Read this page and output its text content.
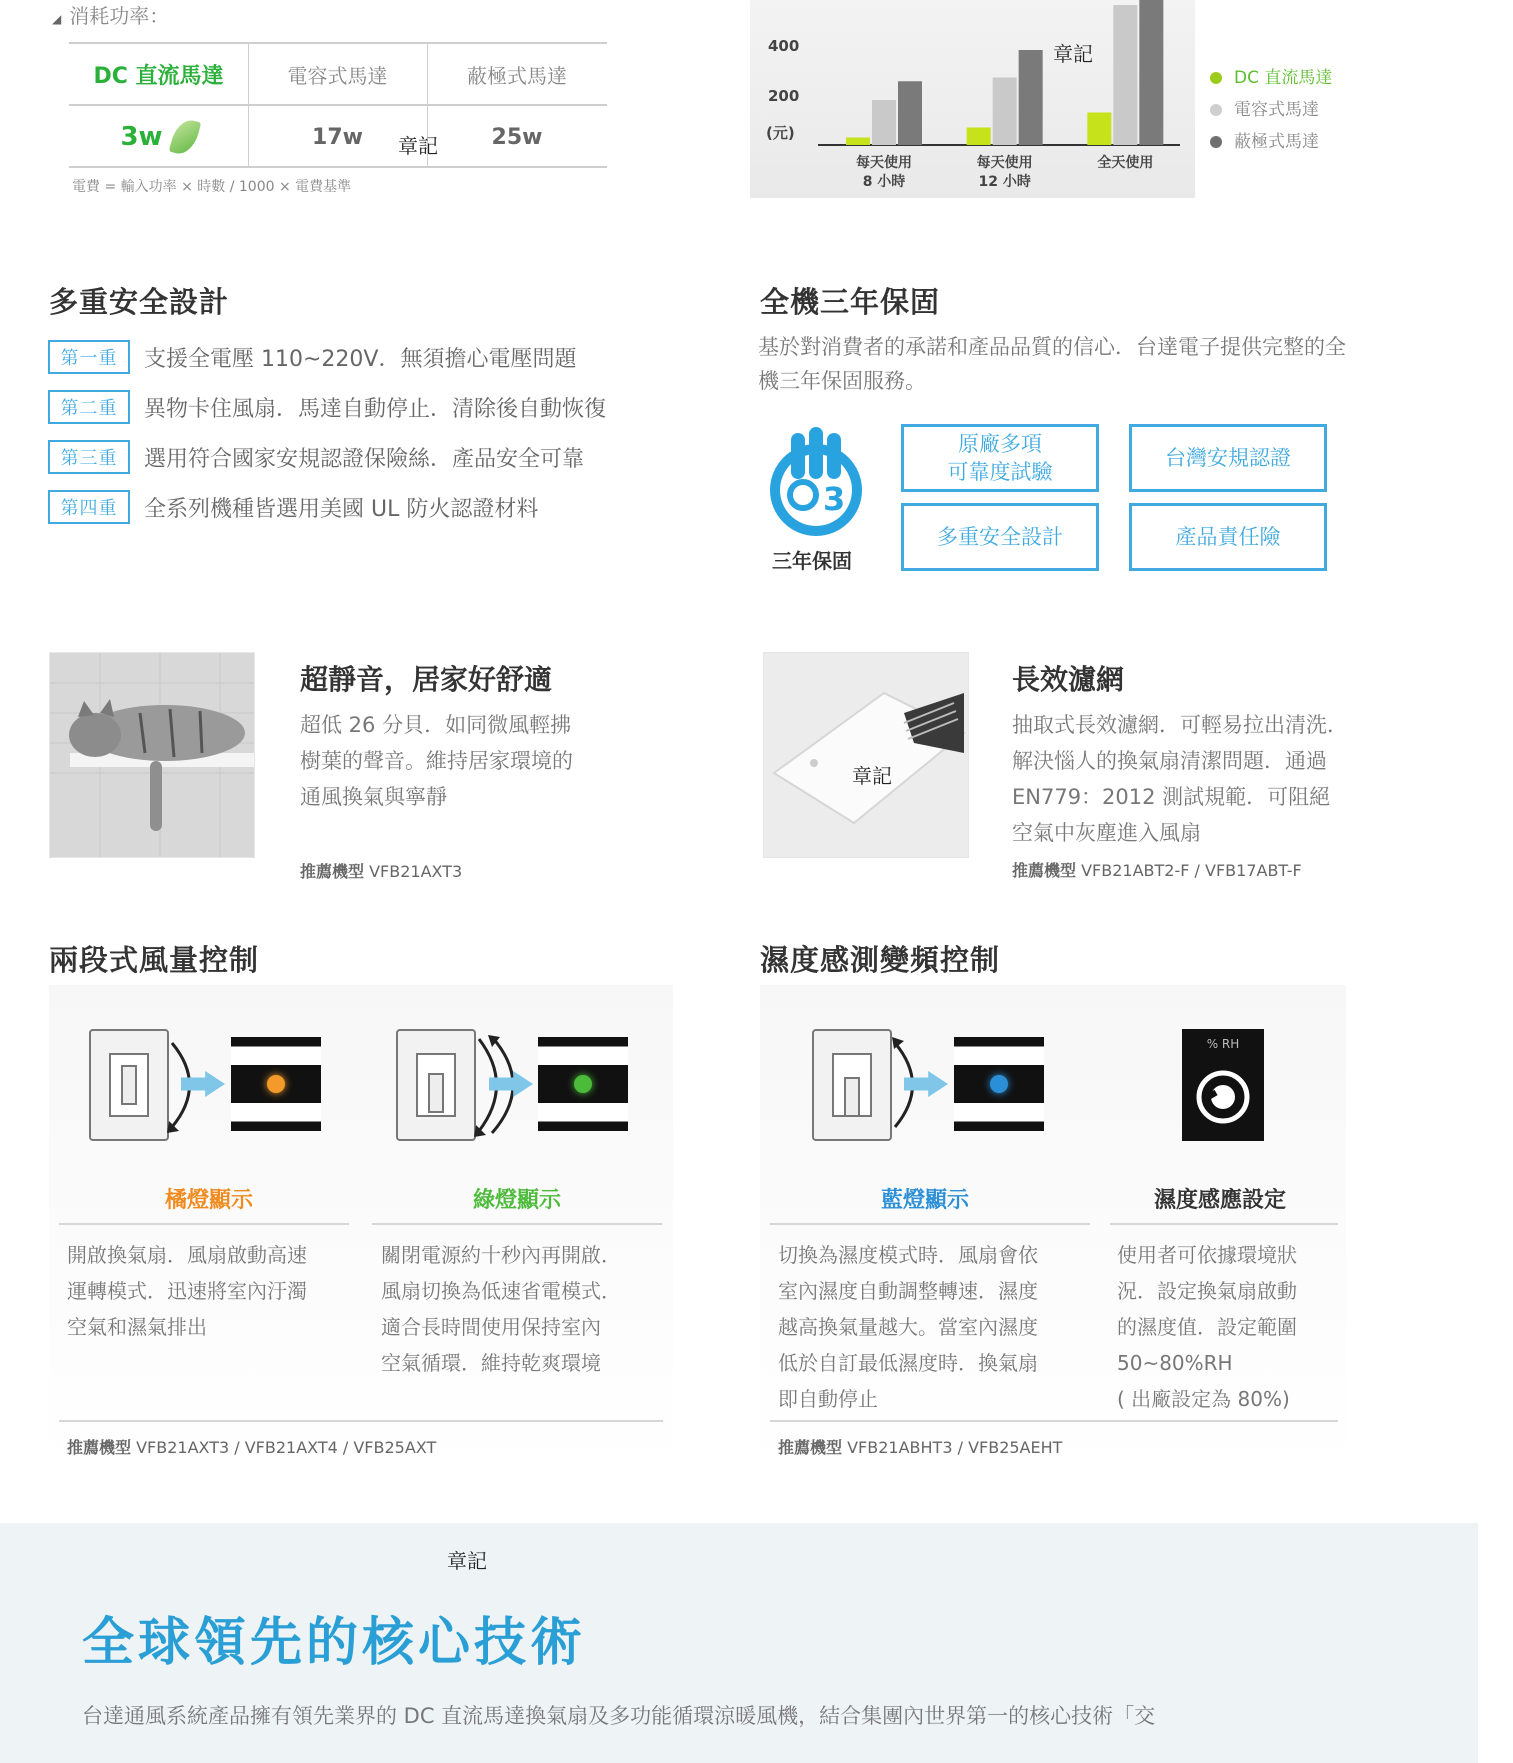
◢ 消耗功率：
DC 直流馬達	電容式馬達	蔽極式馬達
3w	17w	25w
電費 = 輸入功率 × 時數 / 1000 × 電費基準
章記
400
200
(元)
每天使用
8 小時
每天使用
12 小時
全天使用
DC 直流馬達
電容式馬達
蔽極式馬達
章記
多重安全設計
第一重	支援全電壓 110~220V．無須擔心電壓問題
第二重	異物卡住風扇．馬達自動停止．清除後自動恢復
第三重	選用符合國家安規認證保險絲．產品安全可靠
第四重	全系列機種皆選用美國 UL 防火認證材料
全機三年保固
基於對消費者的承諾和產品品質的信心．台達電子提供完整的全機三年保固服務。
3
三年保固
原廠多項
可靠度試驗
台灣安規認證
多重安全設計	產品責任險
超靜音，居家好舒適
超低 26 分貝．如同微風輕拂
樹葉的聲音。維持居家環境的
通風換氣與寧靜
推薦機型 VFB21AXT3
章記
長效濾網
抽取式長效濾網．可輕易拉出清洗．
解決惱人的換氣扇清潔問題．通過
EN779：2012 測試規範．可阻絕
空氣中灰塵進入風扇
推薦機型 VFB21ABT2-F / VFB17ABT-F
兩段式風量控制
橘燈顯示	綠燈顯示
開啟換氣扇．風扇啟動高速
運轉模式．迅速將室內汙濁
空氣和濕氣排出
關閉電源約十秒內再開啟．
風扇切換為低速省電模式．
適合長時間使用保持室內
空氣循環．維持乾爽環境
推薦機型 VFB21AXT3 / VFB21AXT4 / VFB25AXT
濕度感測變頻控制
% RH
藍燈顯示	濕度感應設定
切換為濕度模式時．風扇會依
室內濕度自動調整轉速．濕度
越高換氣量越大。當室內濕度
低於自訂最低濕度時．換氣扇
即自動停止
使用者可依據環境狀
況．設定換氣扇啟動
的濕度值．設定範圍
50~80%RH
( 出廠設定為 80%)
推薦機型 VFB21ABHT3 / VFB25AEHT
章記
全球領先的核心技術
台達通風系統產品擁有領先業界的 DC 直流馬達換氣扇及多功能循環涼暖風機，結合集團內世界第一的核心技術「交
